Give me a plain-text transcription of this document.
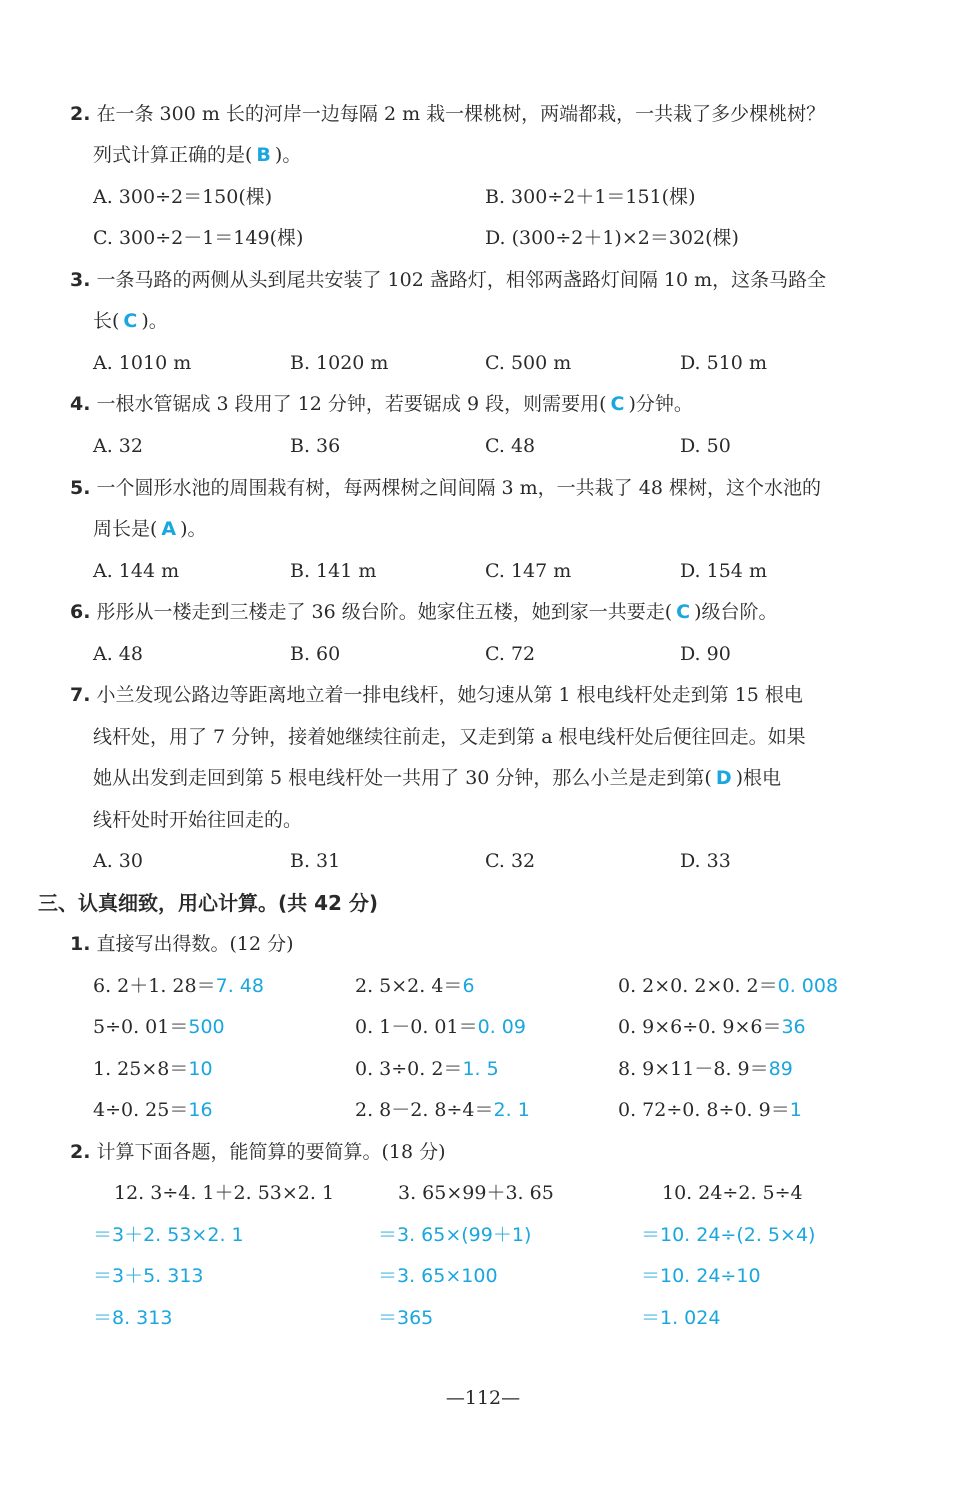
2. 在一条 300 m 长的河岸一边每隔 2 m 栽一棵桃树，两端都栽，一共栽了多少棵桃树？
列式计算正确的是( B )。
A. 300÷2＝150(棵)	B. 300÷2＋1＝151(棵)
C. 300÷2－1＝149(棵)	D. (300÷2＋1)×2＝302(棵)
3. 一条马路的两侧从头到尾共安装了 102 盏路灯，相邻两盏路灯间隔 10 m，这条马路全
长( C )。
A. 1010 m	B. 1020 m	C. 500 m	D. 510 m
4. 一根水管锯成 3 段用了 12 分钟，若要锯成 9 段，则需要用( C )分钟。
A. 32	B. 36	C. 48	D. 50
5. 一个圆形水池的周围栽有树，每两棵树之间间隔 3 m，一共栽了 48 棵树，这个水池的
周长是( A )。
A. 144 m	B. 141 m	C. 147 m	D. 154 m
6. 彤彤从一楼走到三楼走了 36 级台阶。她家住五楼，她到家一共要走( C )级台阶。
A. 48	B. 60	C. 72	D. 90
7. 小兰发现公路边等距离地立着一排电线杆，她匀速从第 1 根电线杆处走到第 15 根电
线杆处，用了 7 分钟，接着她继续往前走，又走到第 a 根电线杆处后便往回走。如果
她从出发到走回到第 5 根电线杆处一共用了 30 分钟，那么小兰是走到第( D )根电
线杆处时开始往回走的。
A. 30	B. 31	C. 32	D. 33
三、认真细致，用心计算。(共 42 分)
1. 直接写出得数。(12 分)
6. 2＋1. 28＝7. 48	2. 5×2. 4＝6	0. 2×0. 2×0. 2＝0. 008
5÷0. 01＝500	0. 1－0. 01＝0. 09	0. 9×6÷0. 9×6＝36
1. 25×8＝10	0. 3÷0. 2＝1. 5	8. 9×11－8. 9＝89
4÷0. 25＝16	2. 8－2. 8÷4＝2. 1	0. 72÷0. 8÷0. 9＝1
2. 计算下面各题，能简算的要简算。(18 分)
12. 3÷4. 1＋2. 53×2. 1	3. 65×99＋3. 65	10. 24÷2. 5÷4
＝3＋2. 53×2. 1	＝3. 65×(99＋1)	＝10. 24÷(2. 5×4)
＝3＋5. 313	＝3. 65×100	＝10. 24÷10
＝8. 313	＝365	＝1. 024
—112—
